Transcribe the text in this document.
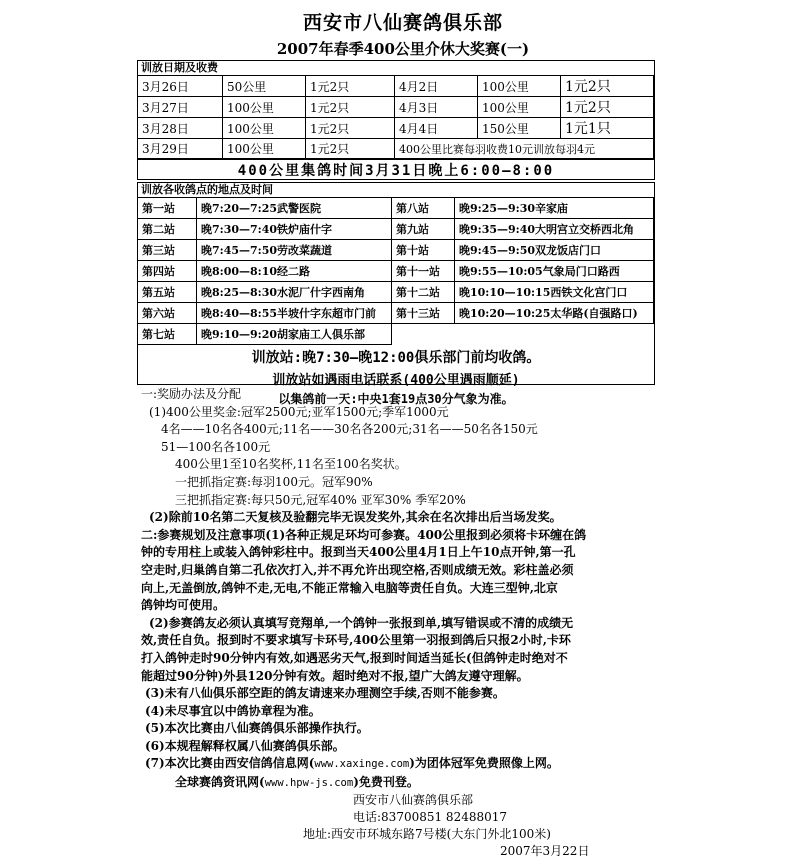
西安市八仙赛鸽俱乐部
2007年春季400公里介休大奖赛(一)
训放日期及收费
3月26日	50公里	1元2只	4月2日	100公里	1元2只
3月27日	100公里	1元2只	4月3日	100公里	1元2只
3月28日	100公里	1元2只	4月4日	150公里	1元1只
3月29日	100公里	1元2只	400公里比赛每羽收费10元训放每羽4元		
400公里集鸽时间3月31日晚上6:00—8:00
训放各收鸽点的地点及时间
第一站	晚7:20—7:25武警医院	第八站	晚9:25—9:30辛家庙
第二站	晚7:30—7:40铁炉庙什字	第九站	晚9:35—9:40大明宫立交桥西北角
第三站	晚7:45—7:50劳改菜蔬道	第十站	晚9:45—9:50双龙饭店门口
第四站	晚8:00—8:10经二路	第十一站	晚9:55—10:05气象局门口路西
第五站	晚8:25—8:30水泥厂什字西南角	第十二站	晚10:10—10:15西铁文化宫门口
第六站	晚8:40—8:55半坡什字东超市门前	第十三站	晚10:20—10:25太华路(自强路口)
第七站	晚9:10—9:20胡家庙工人俱乐部		
训放站:晚7:30—晚12:00俱乐部门前均收鸽。
训放站如遇雨电话联系(400公里遇雨顺延)
以集鸽前一天:中央1套19点30分气象为准。
一:奖励办法及分配
(1)400公里奖金:冠军2500元;亚军1500元;季军1000元
4名——10名各400元;11名——30名各200元;31名——50名各150元
51—100名各100元
400公里1至10名奖杯,11名至100名奖状。
一把抓指定赛:每羽100元。冠军90%
三把抓指定赛:每只50元,冠军40% 亚军30% 季军20%
(2)除前10名第二天复核及验翻完毕无误发奖外,其余在名次排出后当场发奖。
二:参赛规划及注意事项(1)各种正规足环均可参赛。400公里报到必须将卡环缠在鸽
钟的专用柱上或装入鸽钟彩柱中。报到当天400公里4月1日上午10点开钟,第一孔
空走时,归巢鸽自第二孔依次打入,并不再允许出现空格,否则成绩无效。彩柱盖必须
向上,无盖倒放,鸽钟不走,无电,不能正常输入电脑等责任自负。大连三型钟,北京
鸽钟均可使用。
(2)参赛鸽友必须认真填写竞翔单,一个鸽钟一张报到单,填写错误或不清的成绩无
效,责任自负。报到时不要求填写卡环号,400公里第一羽报到鸽后只报2小时,卡环
打入鸽钟走时90分钟内有效,如遇恶劣天气,报到时间适当延长(但鸽钟走时绝对不
能超过90分钟)外县120分钟有效。超时绝对不报,望广大鸽友遵守理解。
(3)未有八仙俱乐部空距的鸽友请速来办理测空手续,否则不能参赛。
(4)未尽事宜以中鸽协章程为准。
(5)本次比赛由八仙赛鸽俱乐部操作执行。
(6)本规程解释权属八仙赛鸽俱乐部。
(7)本次比赛由西安信鸽信息网(www.xaxinge.com)为团体冠军免费照像上网。
全球赛鸽资讯网(www.hpw-js.com)免费刊登。
西安市八仙赛鸽俱乐部
电话:83700851 82488017
地址:西安市环城东路7号楼(大东门外北100米)
2007年3月22日
